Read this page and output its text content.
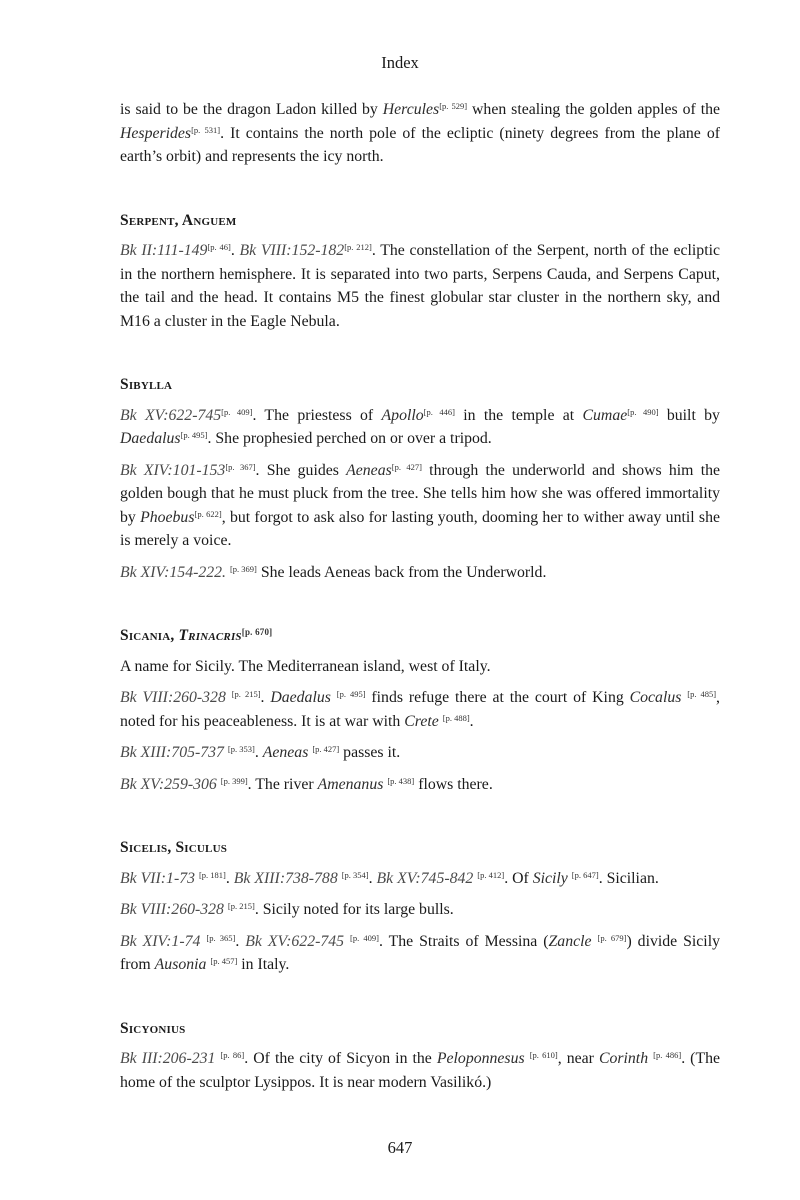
Index

is said to be the dragon Ladon killed by Hercules[p. 529] when stealing the golden apples of the Hesperides[p. 531]. It contains the north pole of the ecliptic (ninety degrees from the plane of earth’s orbit) and represents the icy north.

Serpent, Anguem

Bk II:111-149[p. 46]. Bk VIII:152-182[p. 212]. The constellation of the Serpent, north of the ecliptic in the northern hemisphere. It is separated into two parts, Serpens Cauda, and Serpens Caput, the tail and the head. It contains M5 the finest globular star cluster in the northern sky, and M16 a cluster in the Eagle Nebula.

Sibylla

Bk XV:622-745[p. 409]. The priestess of Apollo[p. 446] in the temple at Cumae[p. 490] built by Daedalus[p. 495]. She prophesied perched on or over a tripod.

Bk XIV:101-153[p. 367]. She guides Aeneas[p. 427] through the underworld and shows him the golden bough that he must pluck from the tree. She tells him how she was offered immortality by Phoebus[p. 622], but forgot to ask also for lasting youth, dooming her to wither away until she is merely a voice.

Bk XIV:154-222. [p. 369] She leads Aeneas back from the Underworld.

Sicania, Trinacris[p. 670]

A name for Sicily. The Mediterranean island, west of Italy.

Bk VIII:260-328 [p. 215]. Daedalus [p. 495] finds refuge there at the court of King Cocalus [p. 485], noted for his peaceableness. It is at war with Crete [p. 488].

Bk XIII:705-737 [p. 353]. Aeneas [p. 427] passes it.

Bk XV:259-306 [p. 399]. The river Amenanus [p. 438] flows there.

Sicelis, Siculus

Bk VII:1-73 [p. 181]. Bk XIII:738-788 [p. 354]. Bk XV:745-842 [p. 412]. Of Sicily [p. 647]. Sicilian.

Bk VIII:260-328 [p. 215]. Sicily noted for its large bulls.

Bk XIV:1-74 [p. 365]. Bk XV:622-745 [p. 409]. The Straits of Messina (Zancle [p. 679]) divide Sicily from Ausonia [p. 457] in Italy.

Sicyonius

Bk III:206-231 [p. 86]. Of the city of Sicyon in the Peloponnesus [p. 610], near Corinth [p. 486]. (The home of the sculptor Lysippos. It is near modern Vasilikó.)

647
